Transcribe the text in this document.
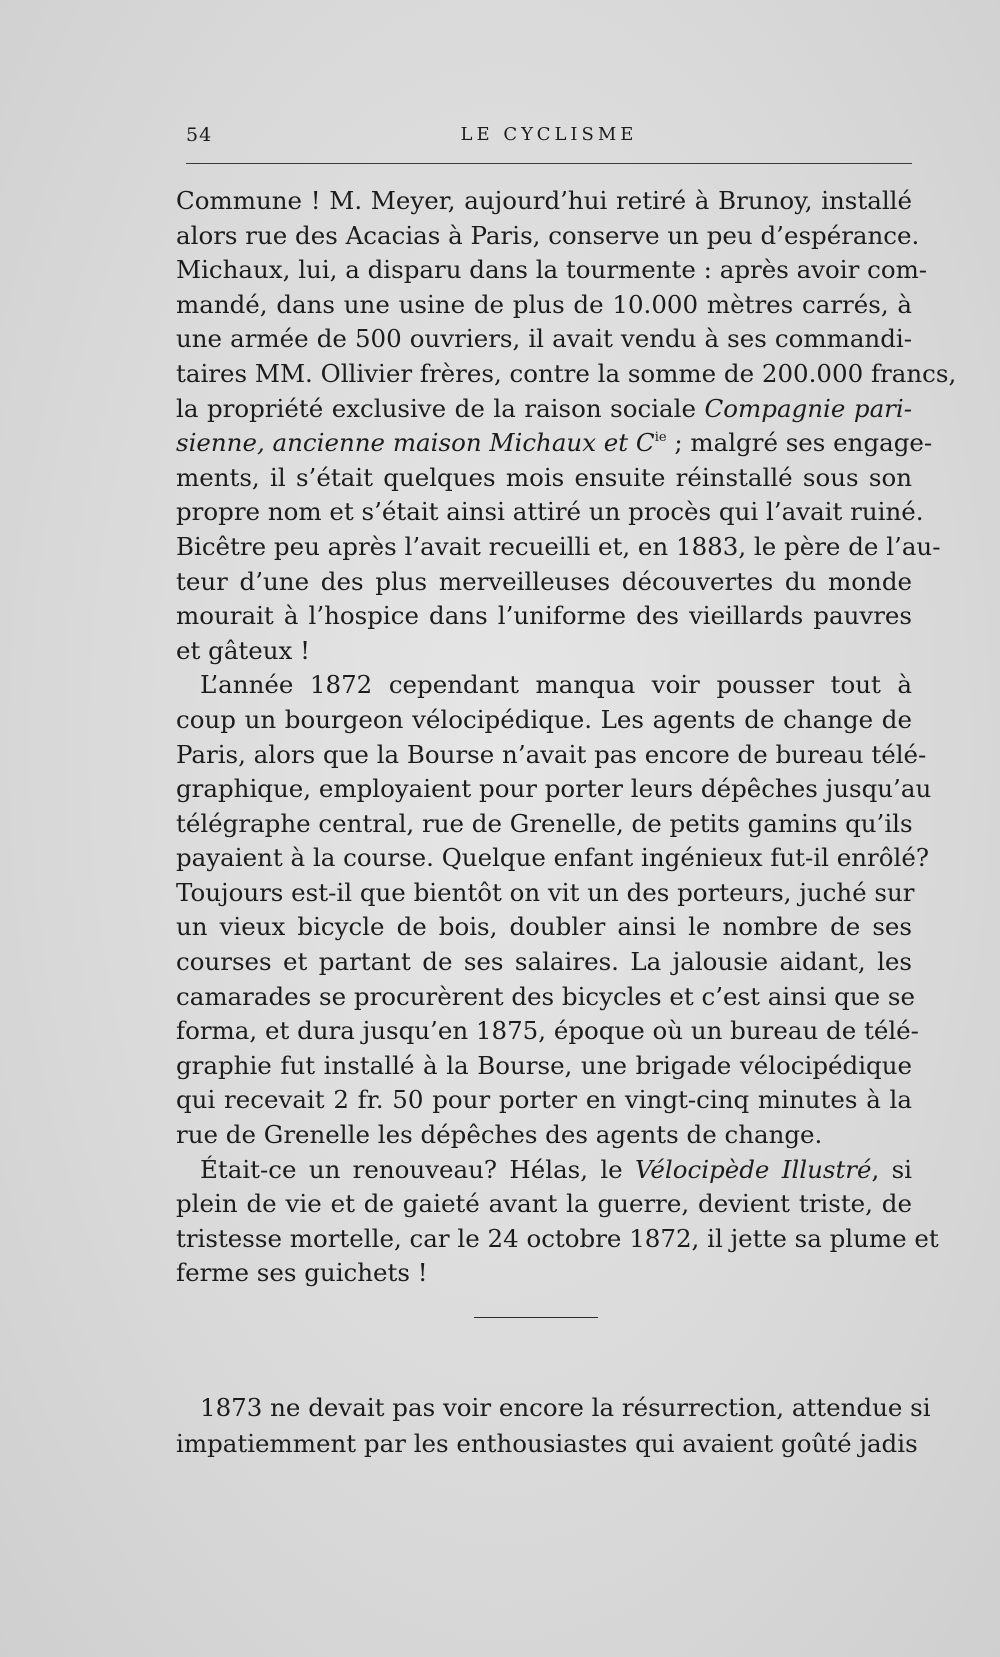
54	LE CYCLISME
Commune ! M. Meyer, aujourd’hui retiré à Brunoy, installé
alors rue des Acacias à Paris, conserve un peu d’espérance.
Michaux, lui, a disparu dans la tourmente : après avoir com-
mandé, dans une usine de plus de 10.000 mètres carrés, à
une armée de 500 ouvriers, il avait vendu à ses commandi-
taires MM. Ollivier frères, contre la somme de 200.000 francs,
la propriété exclusive de la raison sociale Compagnie pari-
sienne, ancienne maison Michaux et $C^{ie}$ ; malgré ses engage-
ments, il s’était quelques mois ensuite réinstallé sous son
propre nom et s’était ainsi attiré un procès qui l’avait ruiné.
Bicêtre peu après l’avait recueilli et, en 1883, le père de l’au-
teur d’une des plus merveilleuses découvertes du monde
mourait à l’hospice dans l’uniforme des vieillards pauvres
et gâteux !
L’année 1872 cependant manqua voir pousser tout à
coup un bourgeon vélocipédique. Les agents de change de
Paris, alors que la Bourse n’avait pas encore de bureau télé-
graphique, employaient pour porter leurs dépêches jusqu’au
télégraphe central, rue de Grenelle, de petits gamins qu’ils
payaient à la course. Quelque enfant ingénieux fut-il enrôlé?
Toujours est-il que bientôt on vit un des porteurs, juché sur
un vieux bicycle de bois, doubler ainsi le nombre de ses
courses et partant de ses salaires. La jalousie aidant, les
camarades se procurèrent des bicycles et c’est ainsi que se
forma, et dura jusqu’en 1875, époque où un bureau de télé-
graphie fut installé à la Bourse, une brigade vélocipédique
qui recevait 2 fr. 50 pour porter en vingt-cinq minutes à la
rue de Grenelle les dépêches des agents de change.
Était-ce un renouveau? Hélas, le Vélocipède Illustré, si
plein de vie et de gaieté avant la guerre, devient triste, de
tristesse mortelle, car le 24 octobre 1872, il jette sa plume et
ferme ses guichets !
1873 ne devait pas voir encore la résurrection, attendue si
impatiemment par les enthousiastes qui avaient goûté jadis
